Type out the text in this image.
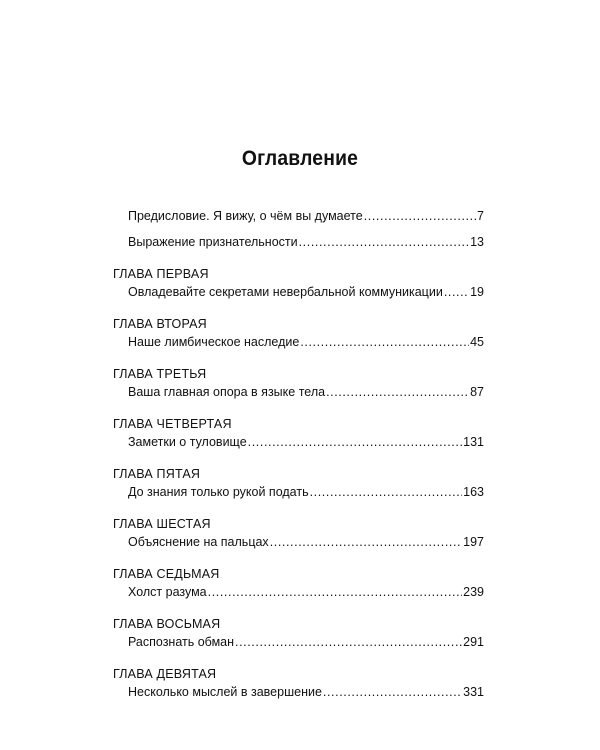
Оглавление
Предисловие. Я вижу, о чём вы думаете .....	7
Выражение признательности .....	13
ГЛАВА ПЕРВАЯ
Овладевайте секретами невербальной коммуникации ..... 19
ГЛАВА ВТОРАЯ
Наше лимбическое наследие .....	45
ГЛАВА ТРЕТЬЯ
Ваша главная опора в языке тела .....	87
ГЛАВА ЧЕТВЕРТАЯ
Заметки о туловище .....	131
ГЛАВА ПЯТАЯ
До знания только рукой подать .....	163
ГЛАВА ШЕСТАЯ
Объяснение на пальцах .....	197
ГЛАВА СЕДЬМАЯ
Холст разума .....	239
ГЛАВА ВОСЬМАЯ
Распознать обман .....	291
ГЛАВА ДЕВЯТАЯ
Несколько мыслей в завершение .....	331
